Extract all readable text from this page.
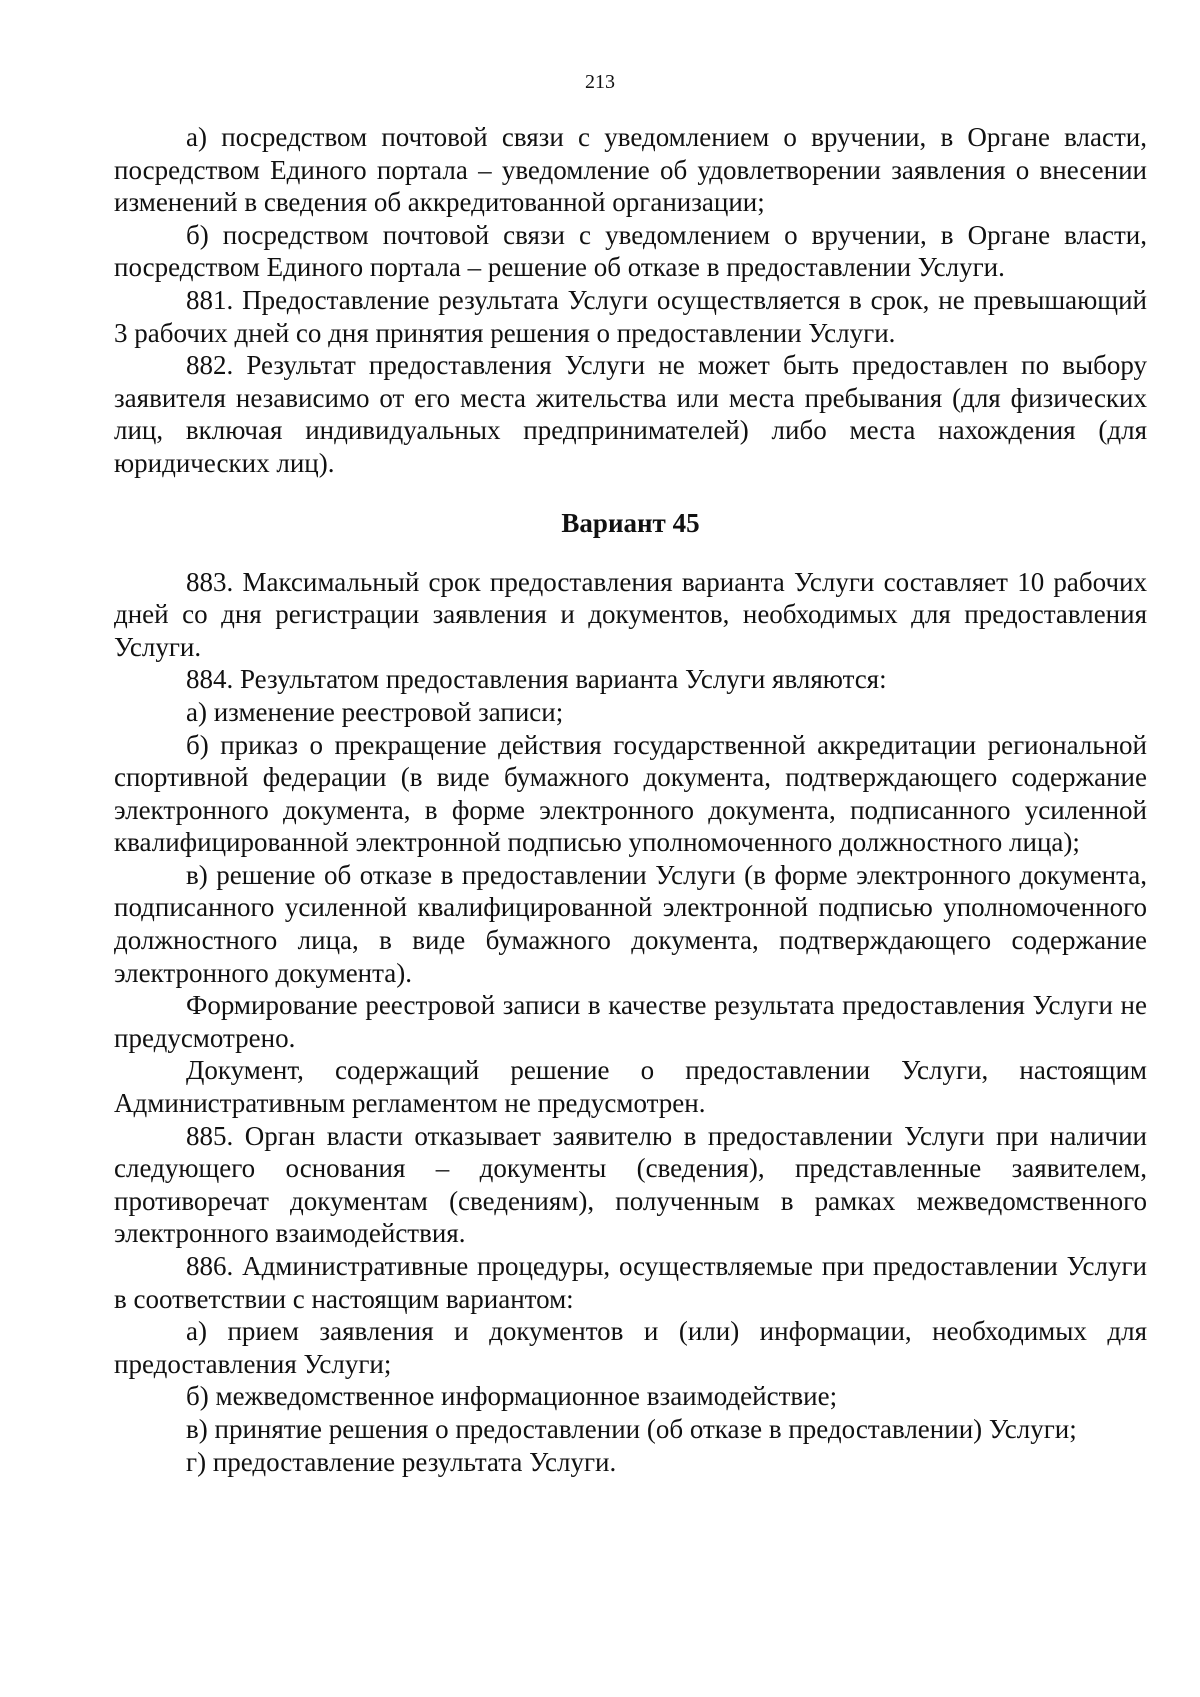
213

а) посредством почтовой связи с уведомлением о вручении, в Органе власти, посредством Единого портала – уведомление об удовлетворении заявления о внесении изменений в сведения об аккредитованной организации;

б) посредством почтовой связи с уведомлением о вручении, в Органе власти, посредством Единого портала – решение об отказе в предоставлении Услуги.

881. Предоставление результата Услуги осуществляется в срок, не превышающий 3 рабочих дней со дня принятия решения о предоставлении Услуги.

882. Результат предоставления Услуги не может быть предоставлен по выбору заявителя независимо от его места жительства или места пребывания (для физических лиц, включая индивидуальных предпринимателей) либо места нахождения (для юридических лиц).

Вариант 45

883. Максимальный срок предоставления варианта Услуги составляет 10 рабочих дней со дня регистрации заявления и документов, необходимых для предоставления Услуги.

884. Результатом предоставления варианта Услуги являются:

а) изменение реестровой записи;

б) приказ о прекращение действия государственной аккредитации региональной спортивной федерации (в виде бумажного документа, подтверждающего содержание электронного документа, в форме электронного документа, подписанного усиленной квалифицированной электронной подписью уполномоченного должностного лица);

в) решение об отказе в предоставлении Услуги (в форме электронного документа, подписанного усиленной квалифицированной электронной подписью уполномоченного должностного лица, в виде бумажного документа, подтверждающего содержание электронного документа).

Формирование реестровой записи в качестве результата предоставления Услуги не предусмотрено.

Документ, содержащий решение о предоставлении Услуги, настоящим Административным регламентом не предусмотрен.

885. Орган власти отказывает заявителю в предоставлении Услуги при наличии следующего основания – документы (сведения), представленные заявителем, противоречат документам (сведениям), полученным в рамках межведомственного электронного взаимодействия.

886. Административные процедуры, осуществляемые при предоставлении Услуги в соответствии с настоящим вариантом:

а) прием заявления и документов и (или) информации, необходимых для предоставления Услуги;

б) межведомственное информационное взаимодействие;

в) принятие решения о предоставлении (об отказе в предоставлении) Услуги;

г) предоставление результата Услуги.
